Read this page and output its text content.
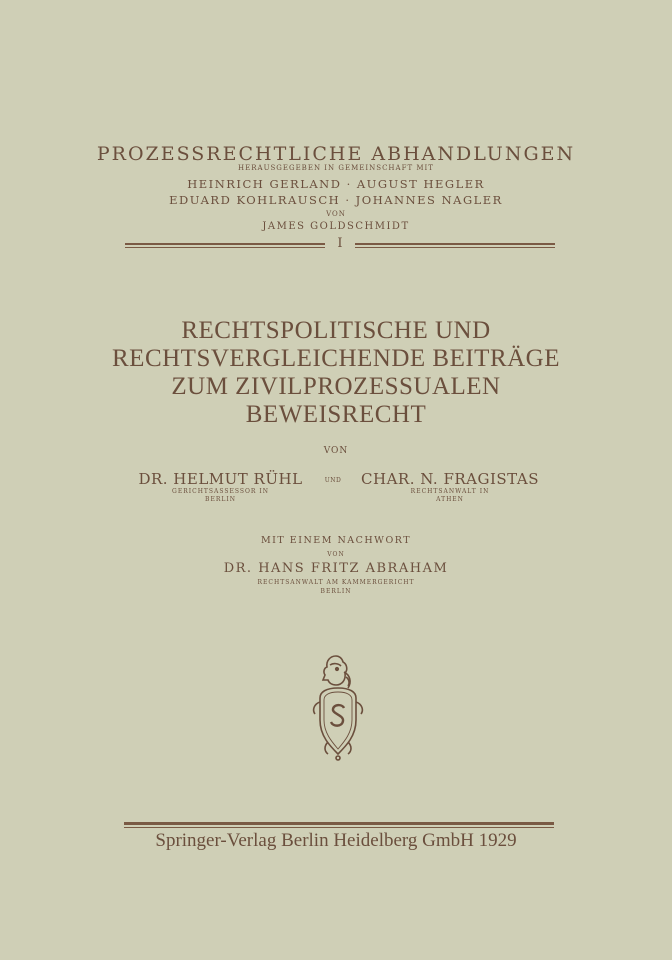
PROZESSRECHTLICHE ABHANDLUNGEN
HERAUSGEGEBEN IN GEMEINSCHAFT MIT
HEINRICH GERLAND · AUGUST HEGLER
EDUARD KOHLRAUSCH · JOHANNES NAGLER
VON
JAMES GOLDSCHMIDT
I
RECHTSPOLITISCHE UND
RECHTSVERGLEICHENDE BEITRÄGE
ZUM ZIVILPROZESSUALEN
BEWEISRECHT
VON
DR. HELMUT RÜHL
GERICHTSASSESSOR IN
BERLIN
UND	CHAR. N. FRAGISTAS
RECHTSANWALT IN
ATHEN
MIT EINEM NACHWORT
VON
DR. HANS FRITZ ABRAHAM
RECHTSANWALT AM KAMMERGERICHT
BERLIN
Springer-Verlag Berlin Heidelberg GmbH 1929
